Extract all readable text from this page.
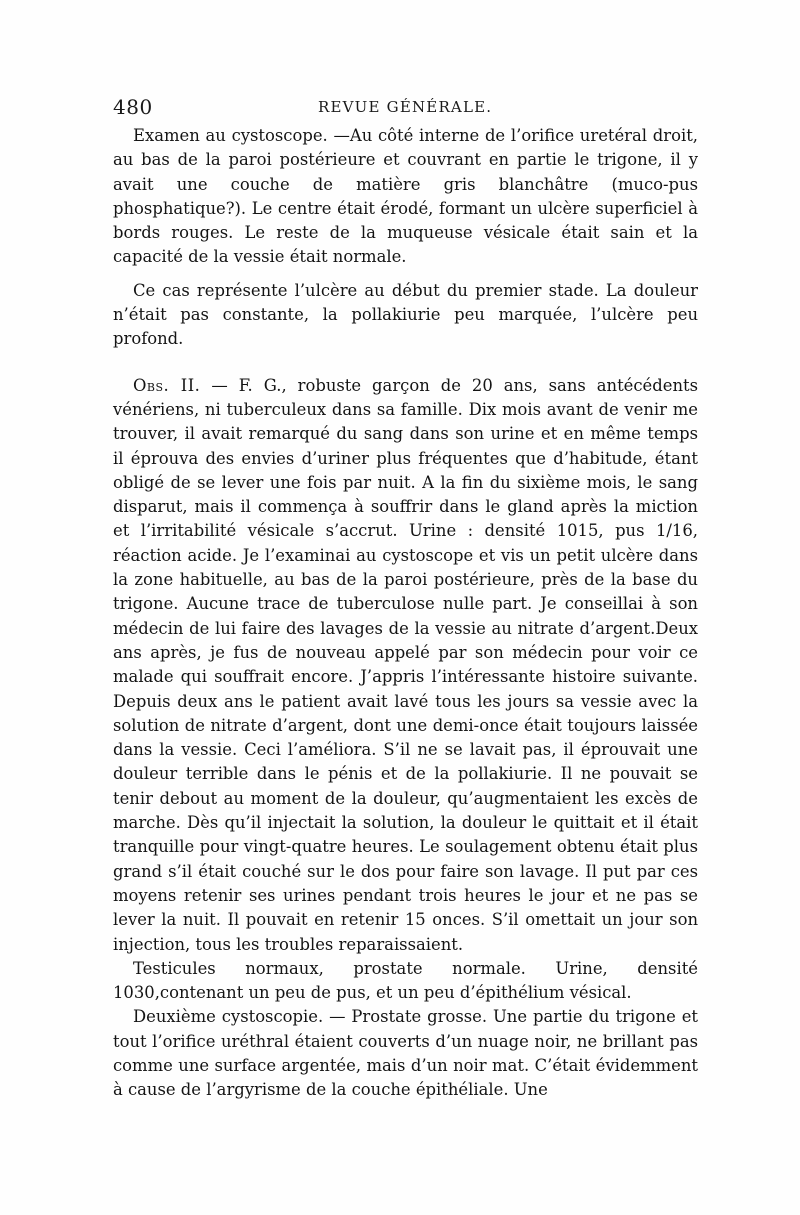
480	REVUE GÉNÉRALE.

Examen au cystoscope. —Au côté interne de l’orifice uretéral droit, au bas de la paroi postérieure et couvrant en partie le trigone, il y avait une couche de matière gris blanchâtre (muco-pus phosphatique?). Le centre était érodé, formant un ulcère superficiel à bords rouges. Le reste de la muqueuse vésicale était sain et la capacité de la vessie était normale.

Ce cas représente l’ulcère au début du premier stade. La douleur n’était pas constante, la pollakiurie peu marquée, l’ulcère peu profond.

Obs. II. — F. G., robuste garçon de 20 ans, sans antécédents vénériens, ni tuberculeux dans sa famille. Dix mois avant de venir me trouver, il avait remarqué du sang dans son urine et en même temps il éprouva des envies d’uriner plus fréquentes que d’habitude, étant obligé de se lever une fois par nuit. A la fin du sixième mois, le sang disparut, mais il commença à souffrir dans le gland après la miction et l’irritabilité vésicale s’accrut. Urine : densité 1015, pus 1/16, réaction acide. Je l’examinai au cystoscope et vis un petit ulcère dans la zone habituelle, au bas de la paroi postérieure, près de la base du trigone. Aucune trace de tuberculose nulle part. Je conseillai à son médecin de lui faire des lavages de la vessie au nitrate d’argent.Deux ans après, je fus de nouveau appelé par son médecin pour voir ce malade qui souffrait encore. J’appris l’intéressante histoire suivante. Depuis deux ans le patient avait lavé tous les jours sa vessie avec la solution de nitrate d’argent, dont une demi-once était toujours laissée dans la vessie. Ceci l’améliora. S’il ne se lavait pas, il éprouvait une douleur terrible dans le pénis et de la pollakiurie. Il ne pouvait se tenir debout au moment de la douleur, qu’augmentaient les excès de marche. Dès qu’il injectait la solution, la douleur le quittait et il était tranquille pour vingt-quatre heures. Le soulagement obtenu était plus grand s’il était couché sur le dos pour faire son lavage. Il put par ces moyens retenir ses urines pendant trois heures le jour et ne pas se lever la nuit. Il pouvait en retenir 15 onces. S’il omettait un jour son injection, tous les troubles reparaissaient.

Testicules normaux, prostate normale. Urine, densité 1030,contenant un peu de pus, et un peu d’épithélium vésical.

Deuxième cystoscopie. — Prostate grosse. Une partie du trigone et tout l’orifice uréthral étaient couverts d’un nuage noir, ne brillant pas comme une surface argentée, mais d’un noir mat. C’était évidemment à cause de l’argyrisme de la couche épithéliale. Une
